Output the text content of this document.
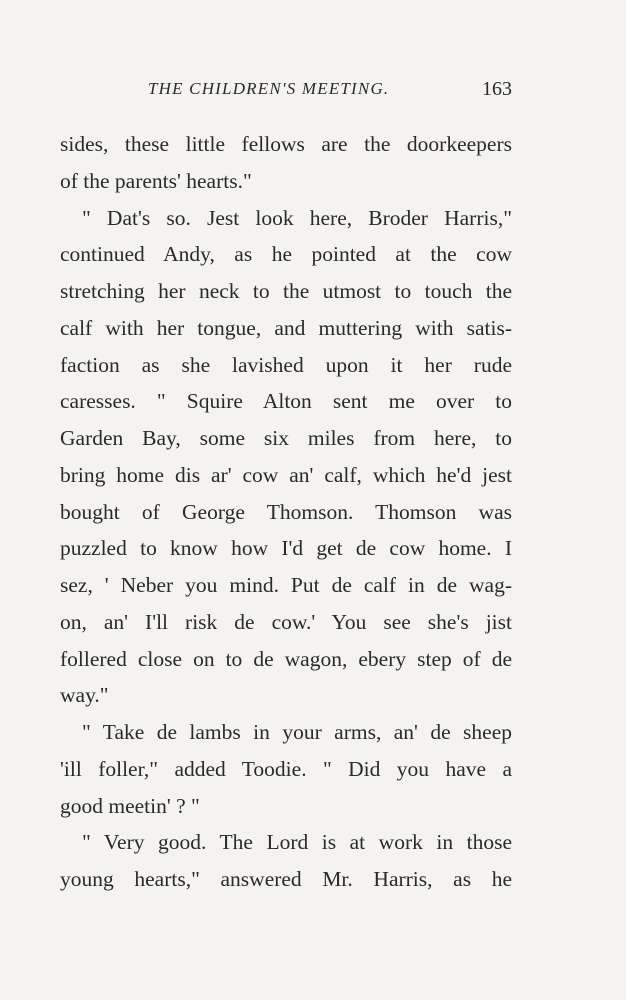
THE CHILDREN'S MEETING.	163
sides, these little fellows are the doorkeepers
of the parents' hearts."
" Dat's so. Jest look here, Broder Harris,"
continued Andy, as he pointed at the cow
stretching her neck to the utmost to touch the
calf with her tongue, and muttering with satis-
faction as she lavished upon it her rude
caresses. " Squire Alton sent me over to
Garden Bay, some six miles from here, to
bring home dis ar' cow an' calf, which he'd jest
bought of George Thomson. Thomson was
puzzled to know how I'd get de cow home. I
sez, ' Neber you mind. Put de calf in de wag-
on, an' I'll risk de cow.' You see she's jist
follered close on to de wagon, ebery step of de
way."
" Take de lambs in your arms, an' de sheep
'ill foller," added Toodie. " Did you have a
good meetin' ? "
" Very good. The Lord is at work in those
young hearts," answered Mr. Harris, as he
